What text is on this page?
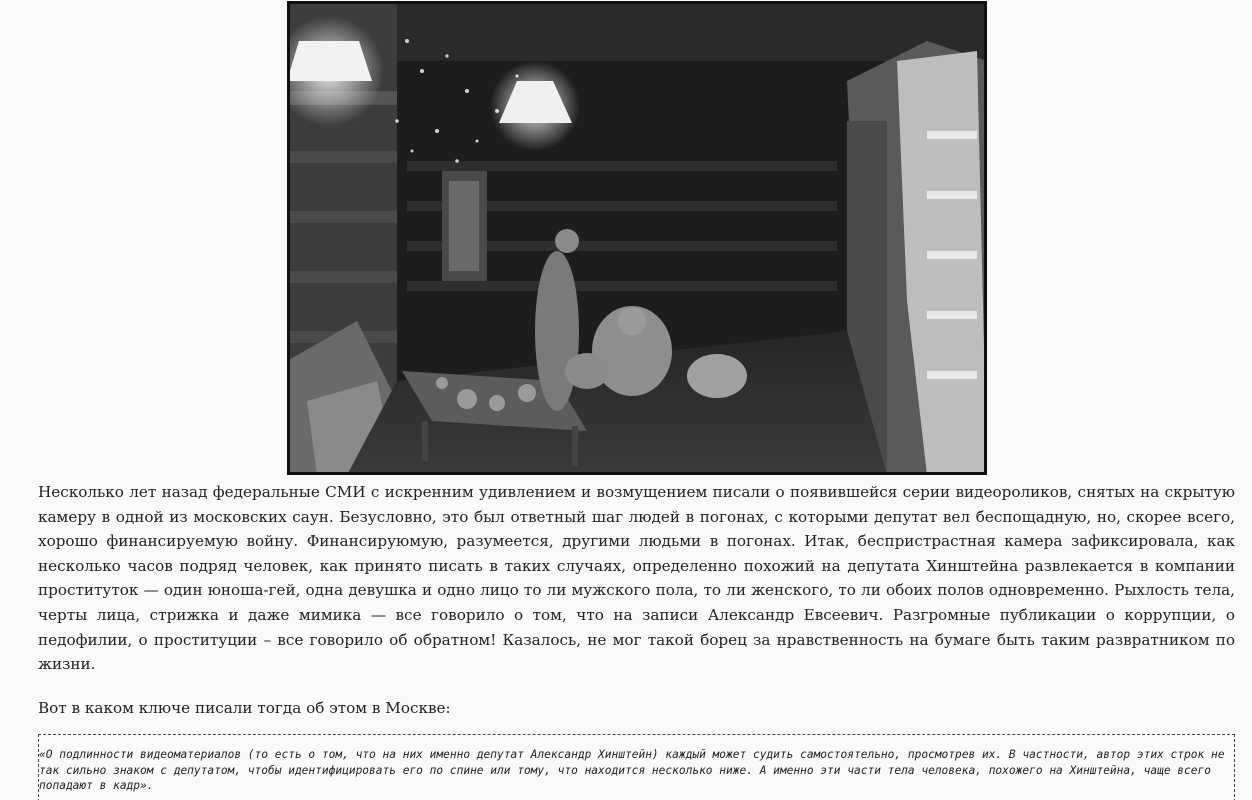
Несколько лет назад федеральные СМИ с искренним удивлением и возмущением писали о появившейся серии видеороликов, снятых на скрытую камеру в одной из московских саун. Безусловно, это был ответный шаг людей в погонах, с которыми депутат вел беспощадную, но, скорее всего, хорошо финансируемую войну. Финансируюмую, разумеется, другими людьми в погонах. Итак, беспристрастная камера зафиксировала, как несколько часов подряд человек, как принято писать в таких случаях, определенно похожий на депутата Хинштейна развлекается в компании проституток — один юноша-гей, одна девушка и одно лицо то ли мужского пола, то ли женского, то ли обоих полов одновременно. Рыхлость тела, черты лица, стрижка и даже мимика — все говорило о том, что на записи Александр Евсеевич. Разгромные публикации о коррупции, о педофилии, о проституции – все говорило об обратном! Казалось, не мог такой борец за нравственность на бумаге быть таким развратником по жизни.

Вот в каком ключе писали тогда об этом в Москве:

«О подлинности видеоматериалов (то есть о том, что на них именно депутат Александр Хинштейн) каждый может судить самостоятельно, просмотрев их. В частности, автор этих строк не так сильно знаком с депутатом, чтобы идентифицировать его по спине или тому, что находится несколько ниже. А именно эти части тела человека, похожего на Хинштейна, чаще всего попадают в кадр».
